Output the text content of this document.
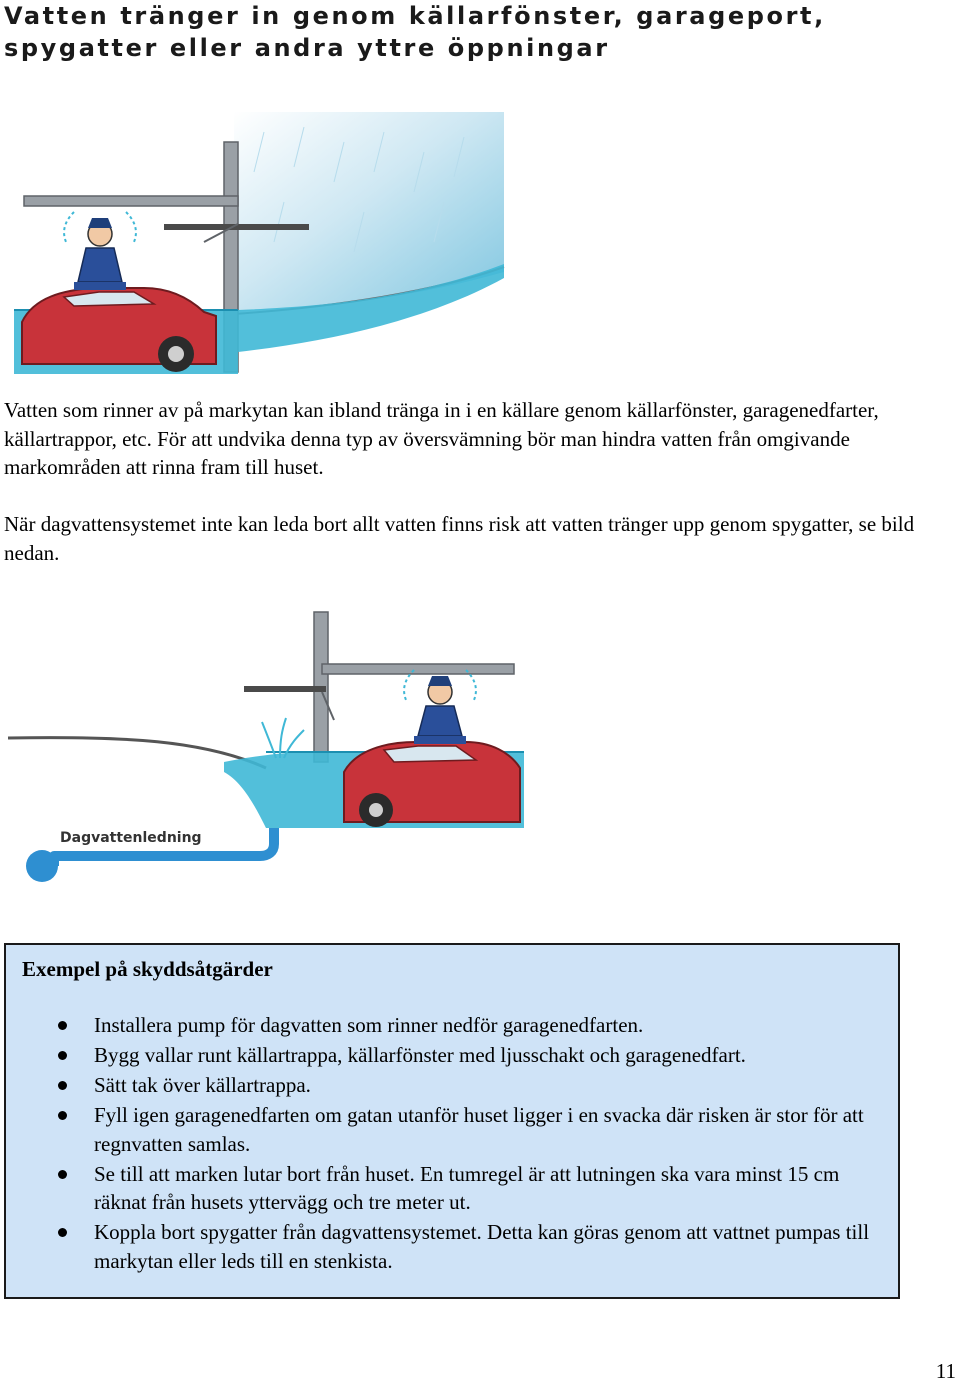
Vatten tränger in genom källarfönster, garageport, spygatter eller andra yttre öppningar

Vatten som rinner av på markytan kan ibland tränga in i en källare genom källarfönster, garagenedfarter, källartrappor, etc. För att undvika denna typ av översvämning bör man hindra vatten från omgivande markområden att rinna fram till huset.

När dagvattensystemet inte kan leda bort allt vatten finns risk att vatten tränger upp genom spygatter, se bild nedan.

Dagvattenledning
Exempel på skyddsåtgärder
Installera pump för dagvatten som rinner nedför garagenedfarten.
Bygg vallar runt källartrappa, källarfönster med ljusschakt och garagenedfart.
Sätt tak över källartrappa.
Fyll igen garagenedfarten om gatan utanför huset ligger i en svacka där risken är stor för att regnvatten samlas.
Se till att marken lutar bort från huset. En tumregel är att lutningen ska vara minst 15 cm räknat från husets yttervägg och tre meter ut.
Koppla bort spygatter från dagvattensystemet. Detta kan göras genom att vattnet pumpas till markytan eller leds till en stenkista.
11
